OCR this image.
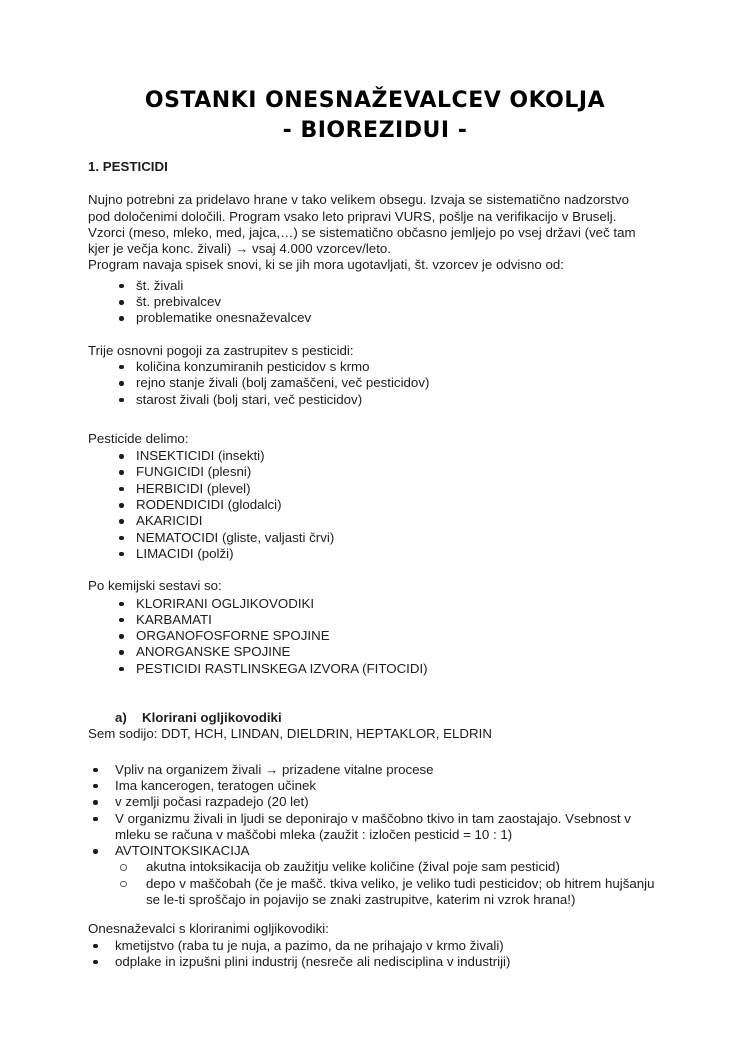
OSTANKI ONESNAŽEVALCEV OKOLJA
- BIOREZIDUI -
1. PESTICIDI
Nujno potrebni za pridelavo hrane v tako velikem obsegu. Izvaja se sistematično nadzorstvo
pod določenimi določili. Program vsako leto pripravi VURS, pošlje na verifikacijo v Bruselj.
Vzorci (meso, mleko, med, jajca,…) se sistematično občasno jemljejo po vsej državi (več tam
kjer je večja konc. živali) → vsaj 4.000 vzorcev/leto.
Program navaja spisek snovi, ki se jih mora ugotavljati, št. vzorcev je odvisno od:
št. živali
št. prebivalcev
problematike onesnaževalcev
Trije osnovni pogoji za zastrupitev s pesticidi:
količina konzumiranih pesticidov s krmo
rejno stanje živali (bolj zamaščeni, več pesticidov)
starost živali (bolj stari, več pesticidov)
Pesticide delimo:
INSEKTICIDI (insekti)
FUNGICIDI (plesni)
HERBICIDI (plevel)
RODENDICIDI (glodalci)
AKARICIDI
NEMATOCIDI (gliste, valjasti črvi)
LIMACIDI (polži)
Po kemijski sestavi so:
KLORIRANI OGLJIKOVODIKI
KARBAMATI
ORGANOFOSFORNE SPOJINE
ANORGANSKE SPOJINE
PESTICIDI RASTLINSKEGA IZVORA (FITOCIDI)
a) Klorirani ogljikovodiki
Sem sodijo: DDT, HCH, LINDAN, DIELDRIN, HEPTAKLOR, ELDRIN
Vpliv na organizem živali → prizadene vitalne procese
Ima kancerogen, teratogen učinek
v zemlji počasi razpadejo (20 let)
V organizmu živali in ljudi se deponirajo v maščobno tkivo in tam zaostajajo. Vsebnost v mleku se računa v maščobi mleka (zaužit : izločen pesticid = 10 : 1)
AVTOINTOKSIKACIJA
akutna intoksikacija ob zaužitju velike količine (žival poje sam pesticid)
depo v maščobah (če je mašč. tkiva veliko, je veliko tudi pesticidov; ob hitrem hujšanju se le-ti sproščajo in pojavijo se znaki zastrupitve, katerim ni vzrok hrana!)
Onesnaževalci s kloriranimi ogljikovodiki:
kmetijstvo (raba tu je nuja, a pazimo, da ne prihajajo v krmo živali)
odplake in izpušni plini industrij (nesreče ali nedisciplina v industriji)
